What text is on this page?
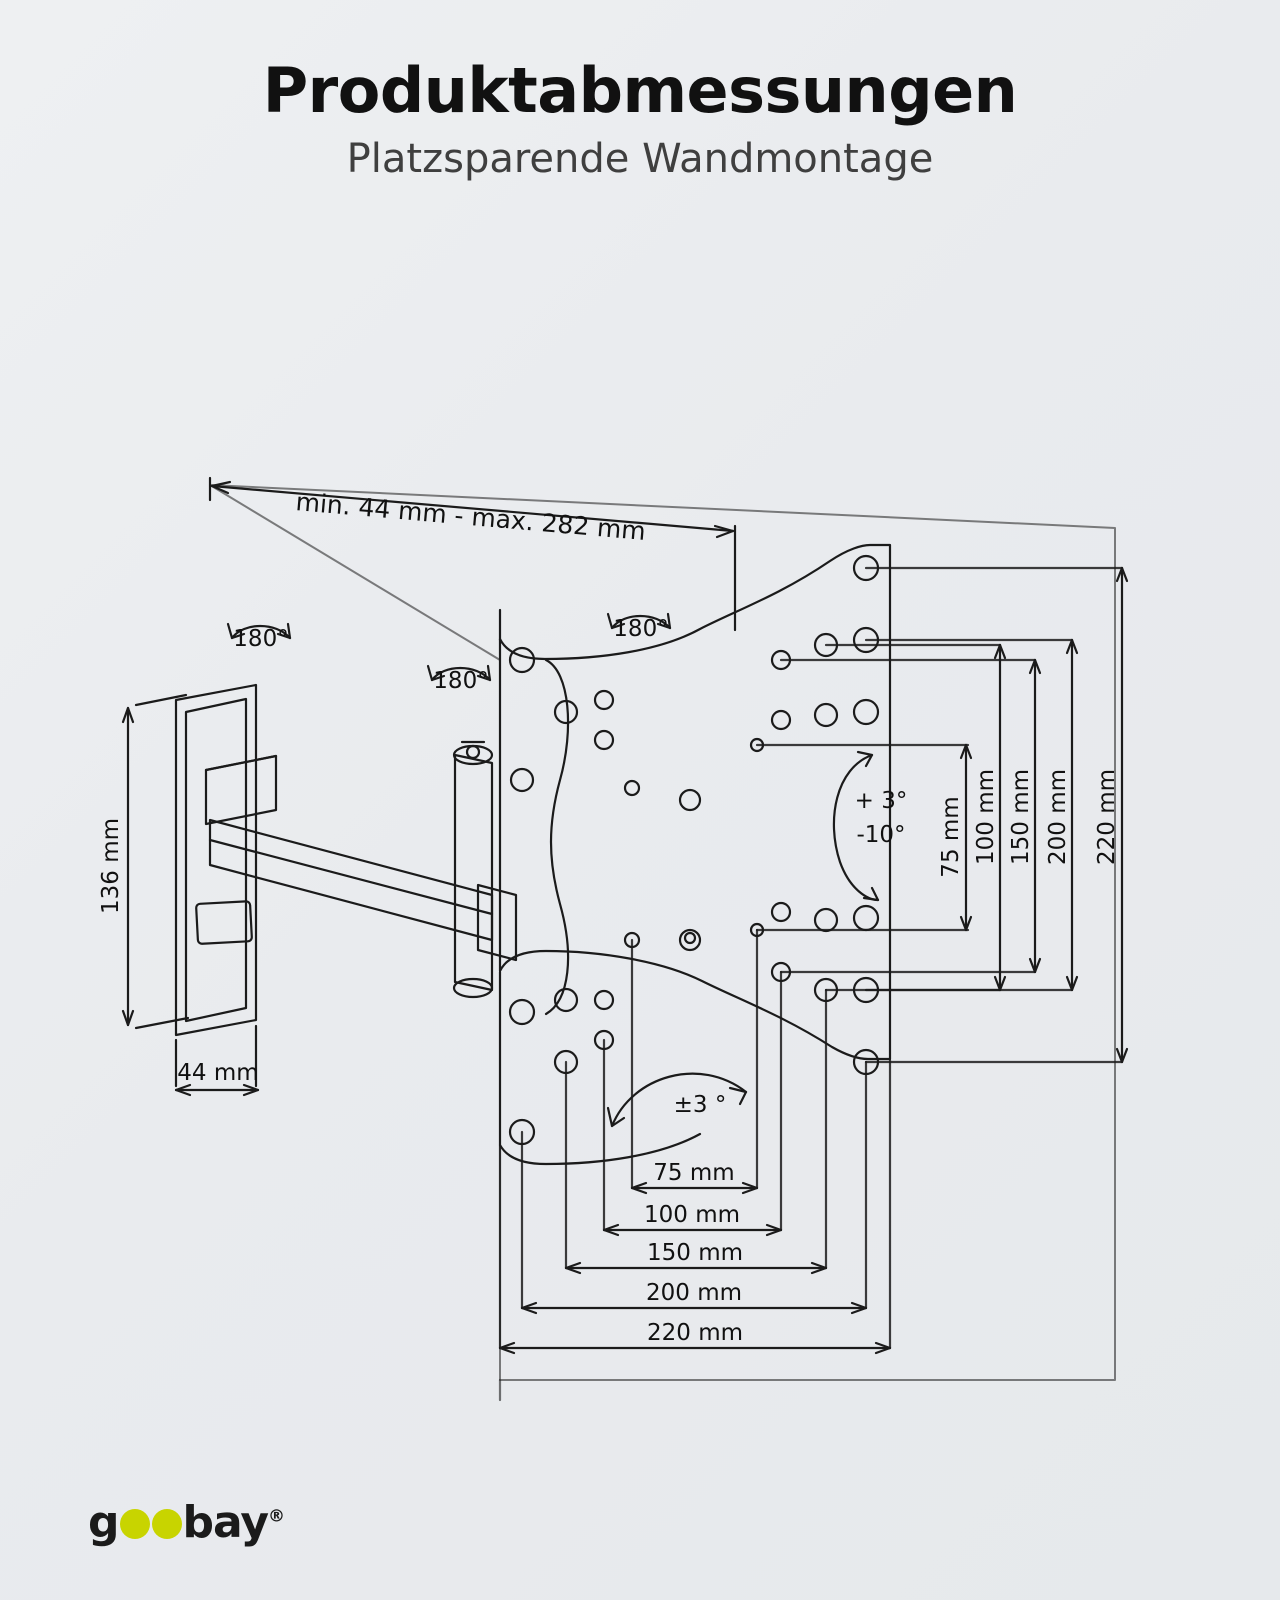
Produktabmessungen

Platzsparende Wandmontage

min. 44 mm - max. 282 mm
180°
180°
180°
+ 3°
-10°
±3 °
136 mm
44 mm
75 mm 100 mm 150 mm 200 mm 220 mm
75 mm
100 mm
150 mm
200 mm
220 mm
g bay®
